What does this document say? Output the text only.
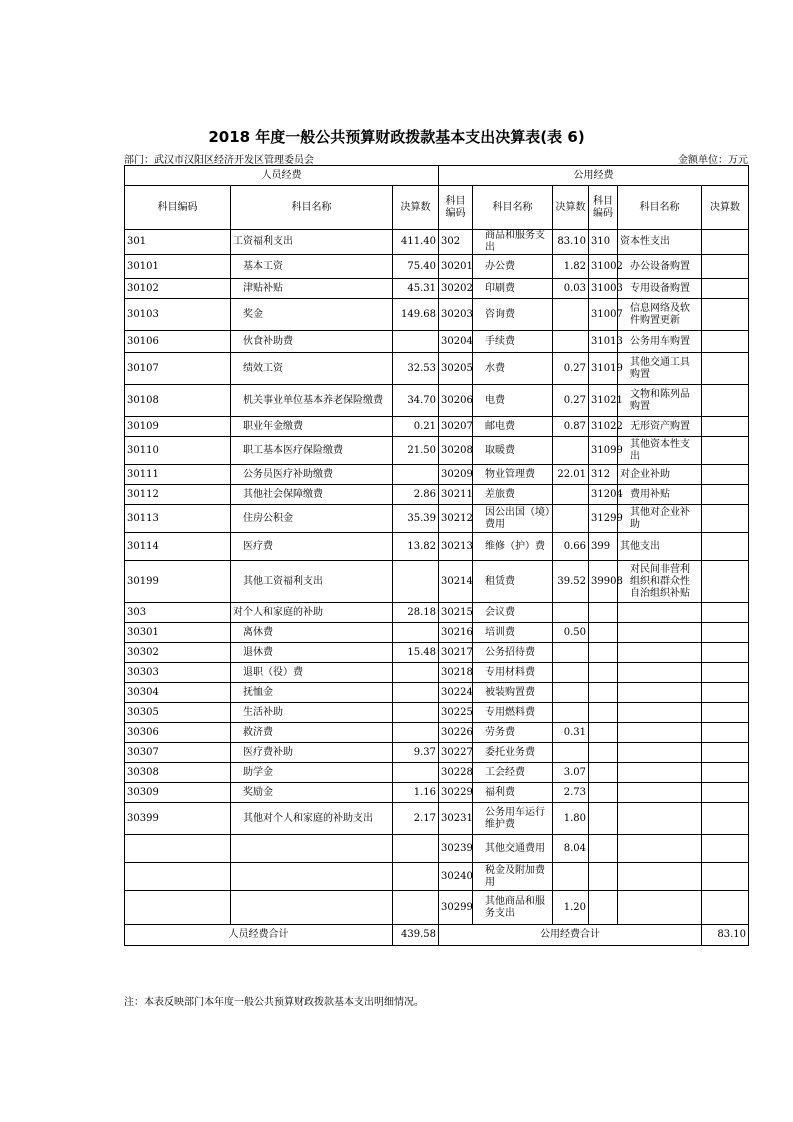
2018 年度一般公共预算财政拨款基本支出决算表(表 6)
部门：武汉市汉阳区经济开发区管理委员会	金额单位：万元
人员经费			公用经费					
科目编码	科目名称	决算数	科目编码	科目名称	决算数	科目编码	科目名称	决算数
301	工资福利支出	411.40	302	商品和服务支出	83.10	310	资本性支出	
30101	基本工资	75.40	30201	办公费	1.82	31002	办公设备购置	
30102	津贴补贴	45.31	30202	印刷费	0.03	31003	专用设备购置	
30103	奖金	149.68	30203	咨询费		31007	信息网络及软件购置更新	
30106	伙食补助费		30204	手续费		31013	公务用车购置	
30107	绩效工资	32.53	30205	水费	0.27	31019	其他交通工具购置	
30108	机关事业单位基本养老保险缴费	34.70	30206	电费	0.27	31021	文物和陈列品购置	
30109	职业年金缴费	0.21	30207	邮电费	0.87	31022	无形资产购置	
30110	职工基本医疗保险缴费	21.50	30208	取暖费		31099	其他资本性支出	
30111	公务员医疗补助缴费		30209	物业管理费	22.01	312	对企业补助	
30112	其他社会保障缴费	2.86	30211	差旅费		31204	费用补贴	
30113	住房公积金	35.39	30212	因公出国（境）费用		31299	其他对企业补助	
30114	医疗费	13.82	30213	维修（护）费	0.66	399	其他支出	
30199	其他工资福利支出		30214	租赁费	39.52	39908	对民间非营利组织和群众性自治组织补贴	
303	对个人和家庭的补助	28.18	30215	会议费				
30301	离休费		30216	培训费	0.50			
30302	退休费	15.48	30217	公务招待费				
30303	退职（役）费		30218	专用材料费				
30304	抚恤金		30224	被装购置费				
30305	生活补助		30225	专用燃料费				
30306	救济费		30226	劳务费	0.31			
30307	医疗费补助	9.37	30227	委托业务费				
30308	助学金		30228	工会经费	3.07			
30309	奖励金	1.16	30229	福利费	2.73			
30399	其他对个人和家庭的补助支出	2.17	30231	公务用车运行维护费	1.80			
			30239	其他交通费用	8.04			
			30240	税金及附加费用				
			30299	其他商品和服务支出	1.20			
人员经费合计		439.58	公用经费合计					83.10
注：本表反映部门本年度一般公共预算财政拨款基本支出明细情况。
